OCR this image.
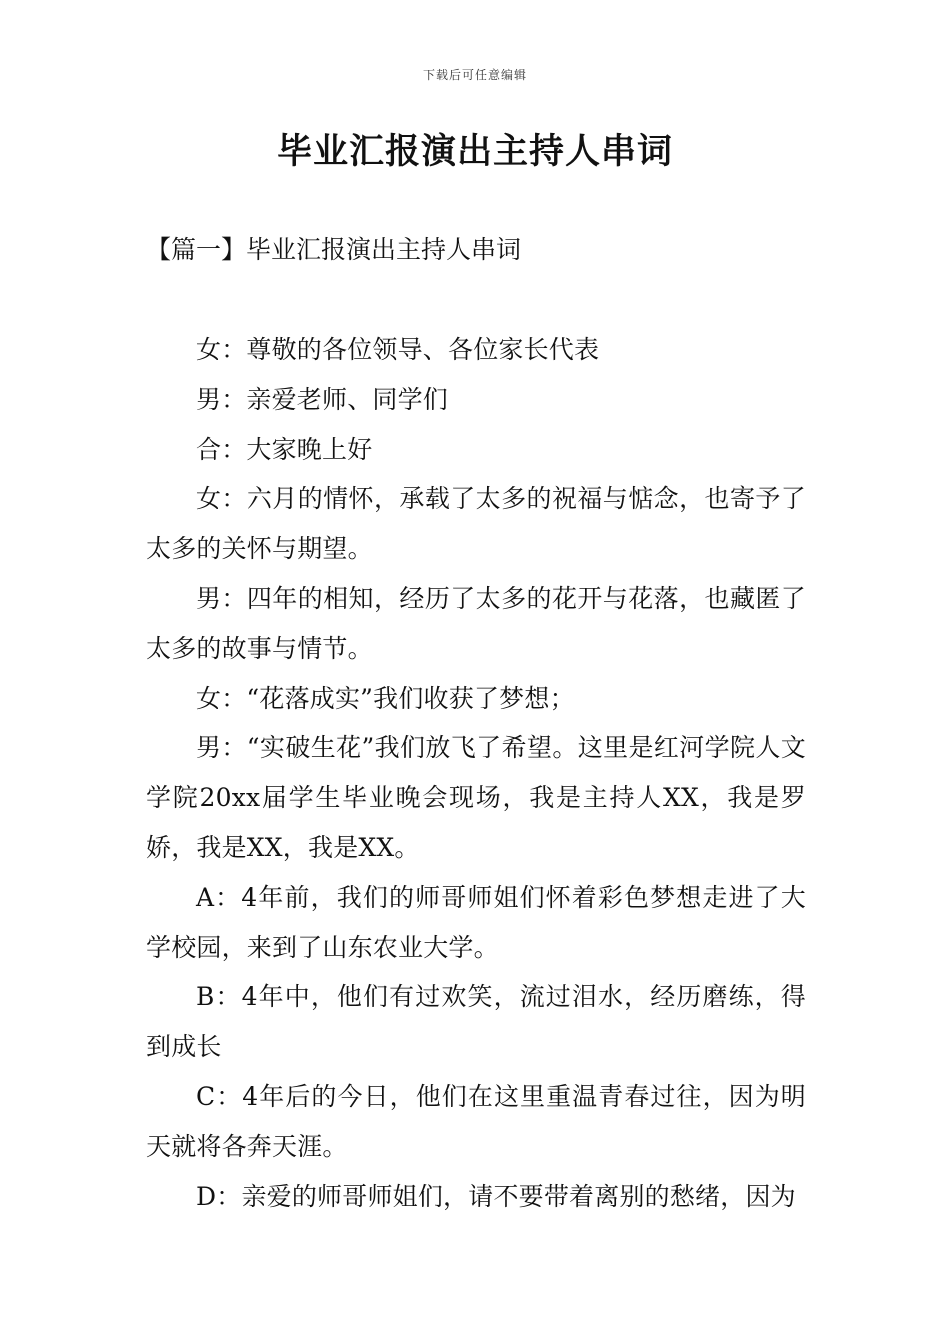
下载后可任意编辑
毕业汇报演出主持人串词
【篇一】毕业汇报演出主持人串词

女：尊敬的各位领导、各位家长代表

男：亲爱老师、同学们

合：大家晚上好

女：六月的情怀，承载了太多的祝福与惦念，也寄予了太多的关怀与期望。

男：四年的相知，经历了太多的花开与花落，也藏匿了太多的故事与情节。

女：“花落成实”我们收获了梦想；

男：“实破生花”我们放飞了希望。这里是红河学院人文学院20xx届学生毕业晚会现场，我是主持人XX，我是罗娇，我是XX，我是XX。

A：4年前，我们的师哥师姐们怀着彩色梦想走进了大学校园，来到了山东农业大学。

B：4年中，他们有过欢笑，流过泪水，经历磨练，得到成长

C：4年后的今日，他们在这里重温青春过往，因为明天就将各奔天涯。

D：亲爱的师哥师姐们，请不要带着离别的愁绪，因为
